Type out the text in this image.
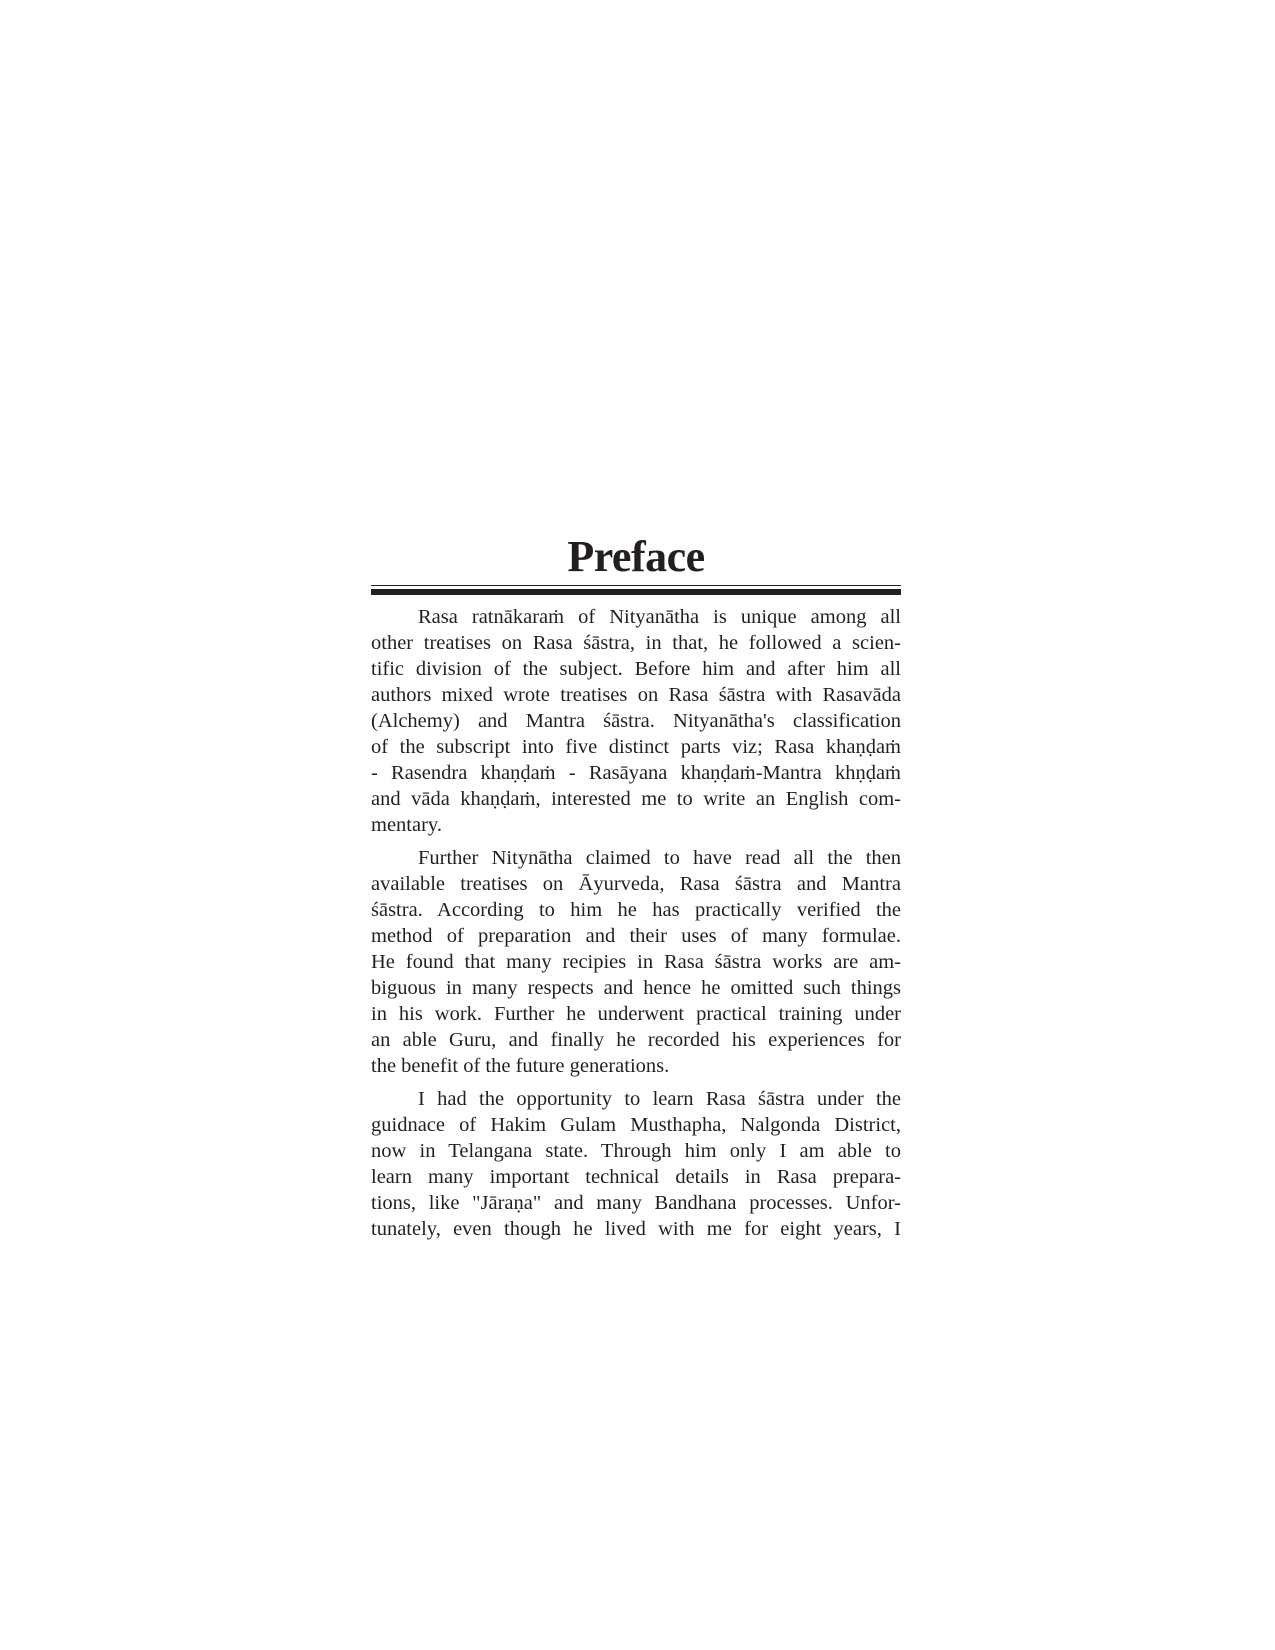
Preface

Rasa ratnākaraṁ of Nityanātha is unique among all
other treatises on Rasa śāstra, in that, he followed a scien-
tific division of the subject. Before him and after him all
authors mixed wrote treatises on Rasa śāstra with Rasavāda
(Alchemy) and Mantra śāstra. Nityanātha's classification
of the subscript into five distinct parts viz; Rasa khaṇḍaṁ
- Rasendra khaṇḍaṁ - Rasāyana khaṇḍaṁ-Mantra khṇḍaṁ
and vāda khaṇḍaṁ, interested me to write an English com-
mentary.

Further Nitynātha claimed to have read all the then
available treatises on Āyurveda, Rasa śāstra and Mantra
śāstra. According to him he has practically verified the
method of preparation and their uses of many formulae.
He found that many recipies in Rasa śāstra works are am-
biguous in many respects and hence he omitted such things
in his work. Further he underwent practical training under
an able Guru, and finally he recorded his experiences for
the benefit of the future generations.

I had the opportunity to learn Rasa śāstra under the
guidnace of Hakim Gulam Musthapha, Nalgonda District,
now in Telangana state. Through him only I am able to
learn many important technical details in Rasa prepara-
tions, like "Jāraṇa" and many Bandhana processes. Unfor-
tunately, even though he lived with me for eight years, I
